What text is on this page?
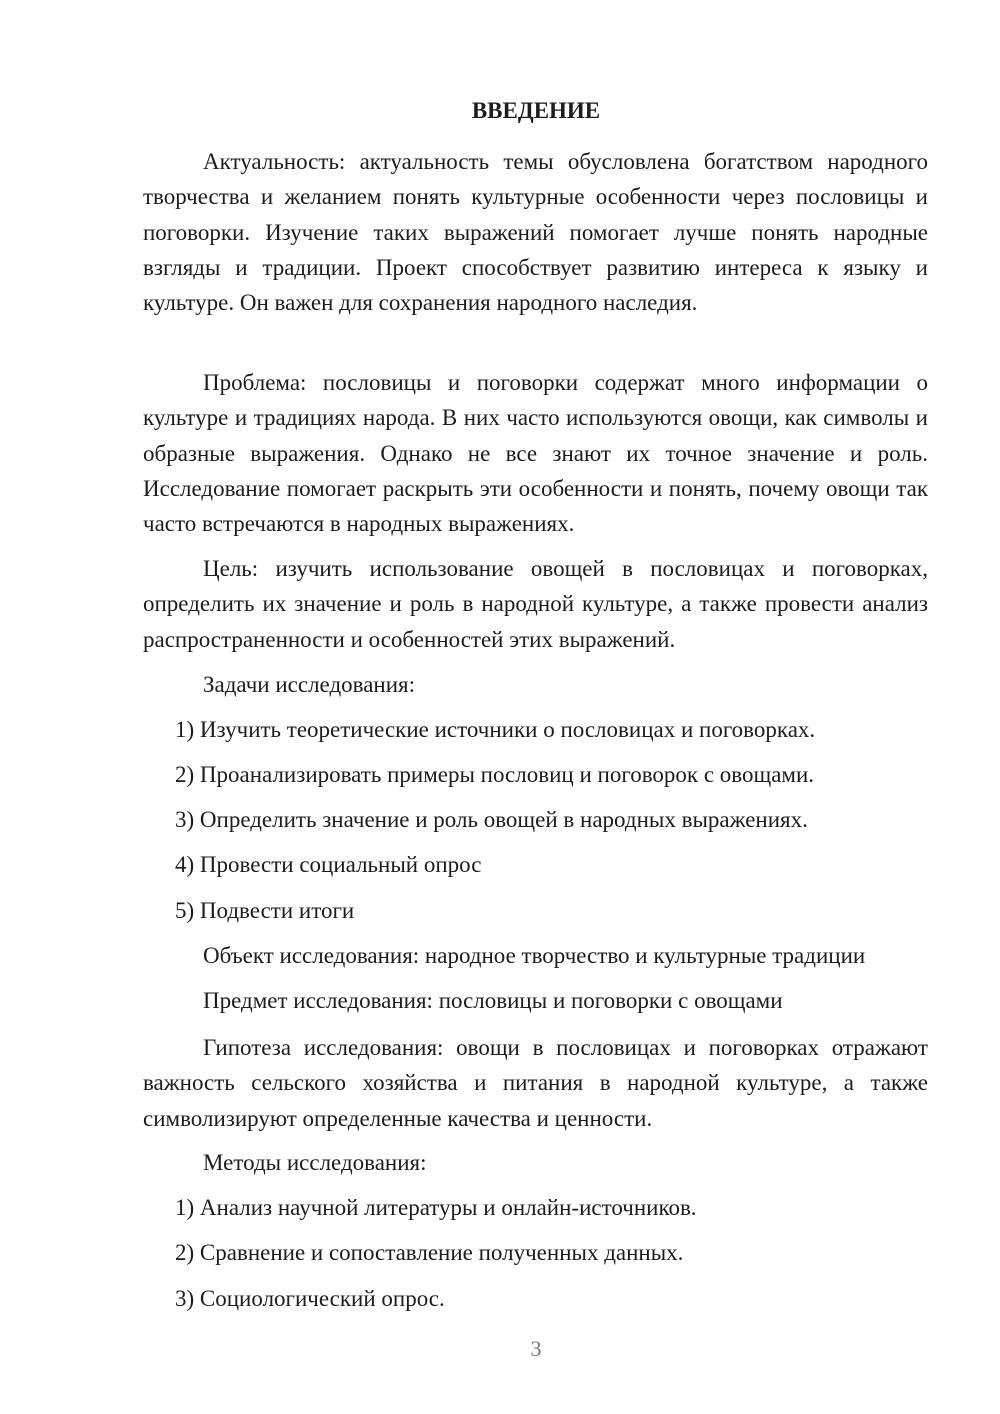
ВВЕДЕНИЕ

Актуальность: актуальность темы обусловлена богатством народного творчества и желанием понять культурные особенности через пословицы и поговорки. Изучение таких выражений помогает лучше понять народные взгляды и традиции. Проект способствует развитию интереса к языку и культуре. Он важен для сохранения народного наследия.

Проблема: пословицы и поговорки содержат много информации о культуре и традициях народа. В них часто используются овощи, как символы и образные выражения. Однако не все знают их точное значение и роль. Исследование помогает раскрыть эти особенности и понять, почему овощи так часто встречаются в народных выражениях.

Цель: изучить использование овощей в пословицах и поговорках, определить их значение и роль в народной культуре, а также провести анализ распространенности и особенностей этих выражений.

Задачи исследования:

1) Изучить теоретические источники о пословицах и поговорках.

2) Проанализировать примеры пословиц и поговорок с овощами.

3) Определить значение и роль овощей в народных выражениях.

4) Провести социальный опрос

5) Подвести итоги

Объект исследования: народное творчество и культурные традиции

Предмет исследования: пословицы и поговорки с овощами

Гипотеза исследования: овощи в пословицах и поговорках отражают важность сельского хозяйства и питания в народной культуре, а также символизируют определенные качества и ценности.

Методы исследования:

1) Анализ научной литературы и онлайн-источников.

2) Сравнение и сопоставление полученных данных.

3) Социологический опрос.

3
